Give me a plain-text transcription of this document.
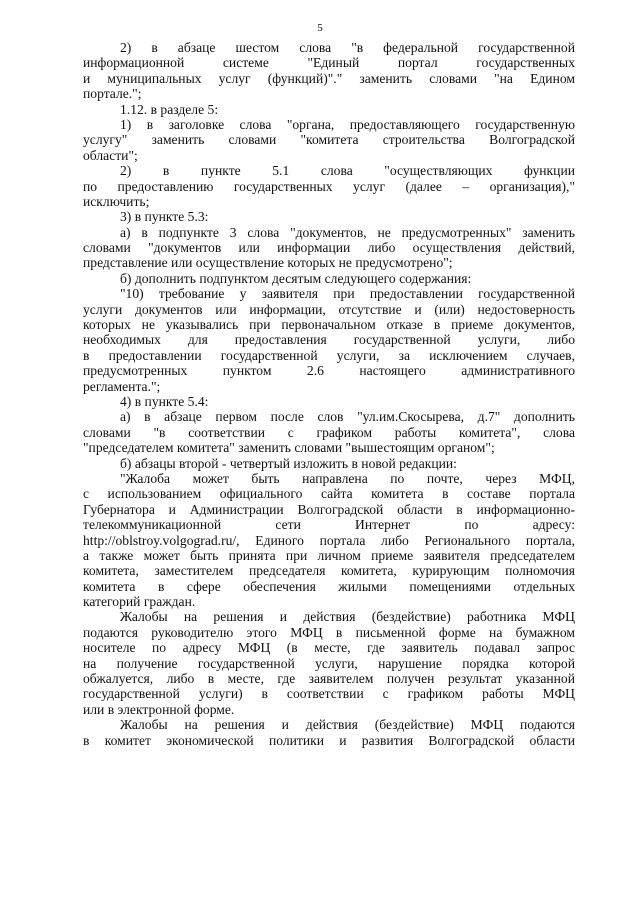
5
2) в абзаце шестом слова "в федеральной государственной
информационной системе "Единый портал государственных
и муниципальных услуг (функций)"." заменить словами "на Едином
портале.";
1.12. в разделе 5:
1) в заголовке слова "органа, предоставляющего государственную
услугу" заменить словами "комитета строительства Волгоградской
области";
2) в пункте 5.1 слова "осуществляющих функции
по предоставлению государственных услуг (далее – организация),"
исключить;
3) в пункте 5.3:
а) в подпункте 3 слова "документов, не предусмотренных" заменить
словами "документов или информации либо осуществления действий,
представление или осуществление которых не предусмотрено";
б) дополнить подпунктом десятым следующего содержания:
"10) требование у заявителя при предоставлении государственной
услуги документов или информации, отсутствие и (или) недостоверность
которых не указывались при первоначальном отказе в приеме документов,
необходимых для предоставления государственной услуги, либо
в предоставлении государственной услуги, за исключением случаев,
предусмотренных пунктом 2.6 настоящего административного
регламента.";
4) в пункте 5.4:
а) в абзаце первом после слов "ул.им.Скосырева, д.7" дополнить
словами "в соответствии с графиком работы комитета", слова
"председателем комитета" заменить словами "вышестоящим органом";
б) абзацы второй - четвертый изложить в новой редакции:
"Жалоба может быть направлена по почте, через МФЦ,
с использованием официального сайта комитета в составе портала
Губернатора и Администрации Волгоградской области в информационно-
телекоммуникационной сети Интернет по адресу:
http://oblstroy.volgograd.ru/, Единого портала либо Регионального портала,
а также может быть принята при личном приеме заявителя председателем
комитета, заместителем председателя комитета, курирующим полномочия
комитета в сфере обеспечения жилыми помещениями отдельных
категорий граждан.
Жалобы на решения и действия (бездействие) работника МФЦ
подаются руководителю этого МФЦ в письменной форме на бумажном
носителе по адресу МФЦ (в месте, где заявитель подавал запрос
на получение государственной услуги, нарушение порядка которой
обжалуется, либо в месте, где заявителем получен результат указанной
государственной услуги) в соответствии с графиком работы МФЦ
или в электронной форме.
Жалобы на решения и действия (бездействие) МФЦ подаются
в комитет экономической политики и развития Волгоградской области
